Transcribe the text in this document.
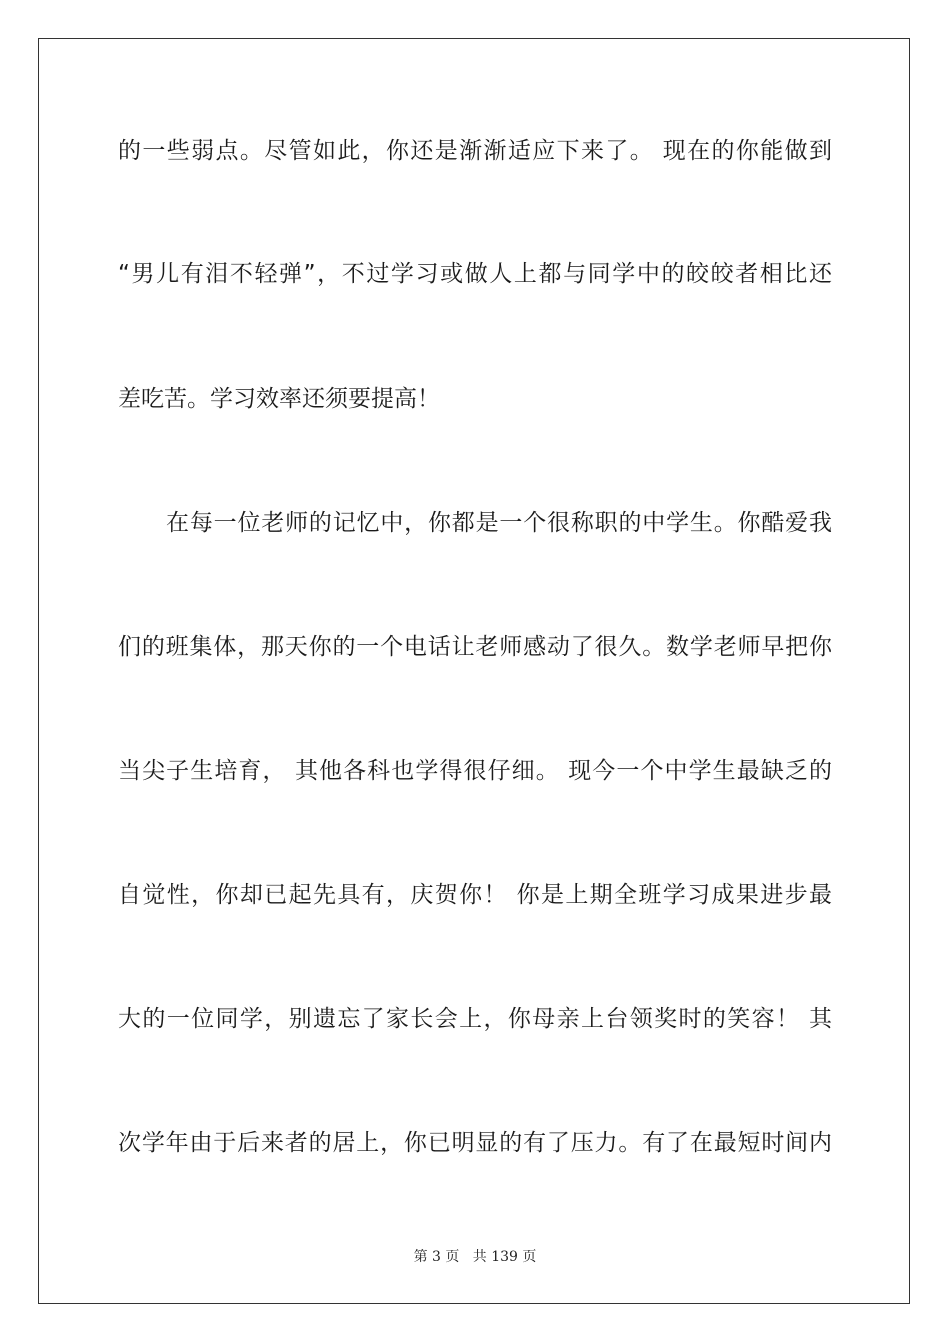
的一些弱点。尽管如此，你还是渐渐适应下来了。 现在的你能做到
“男儿有泪不轻弹”，不过学习或做人上都与同学中的皎皎者相比还
差吃苦。学习效率还须要提高！
在每一位老师的记忆中，你都是一个很称职的中学生。你酷爱我
们的班集体，那天你的一个电话让老师感动了很久。数学老师早把你
当尖子生培育， 其他各科也学得很仔细。 现今一个中学生最缺乏的
自觉性，你却已起先具有，庆贺你！ 你是上期全班学习成果进步最
大的一位同学，别遗忘了家长会上，你母亲上台领奖时的笑容！ 其
次学年由于后来者的居上，你已明显的有了压力。有了在最短时间内
第 3 页 共 139 页
